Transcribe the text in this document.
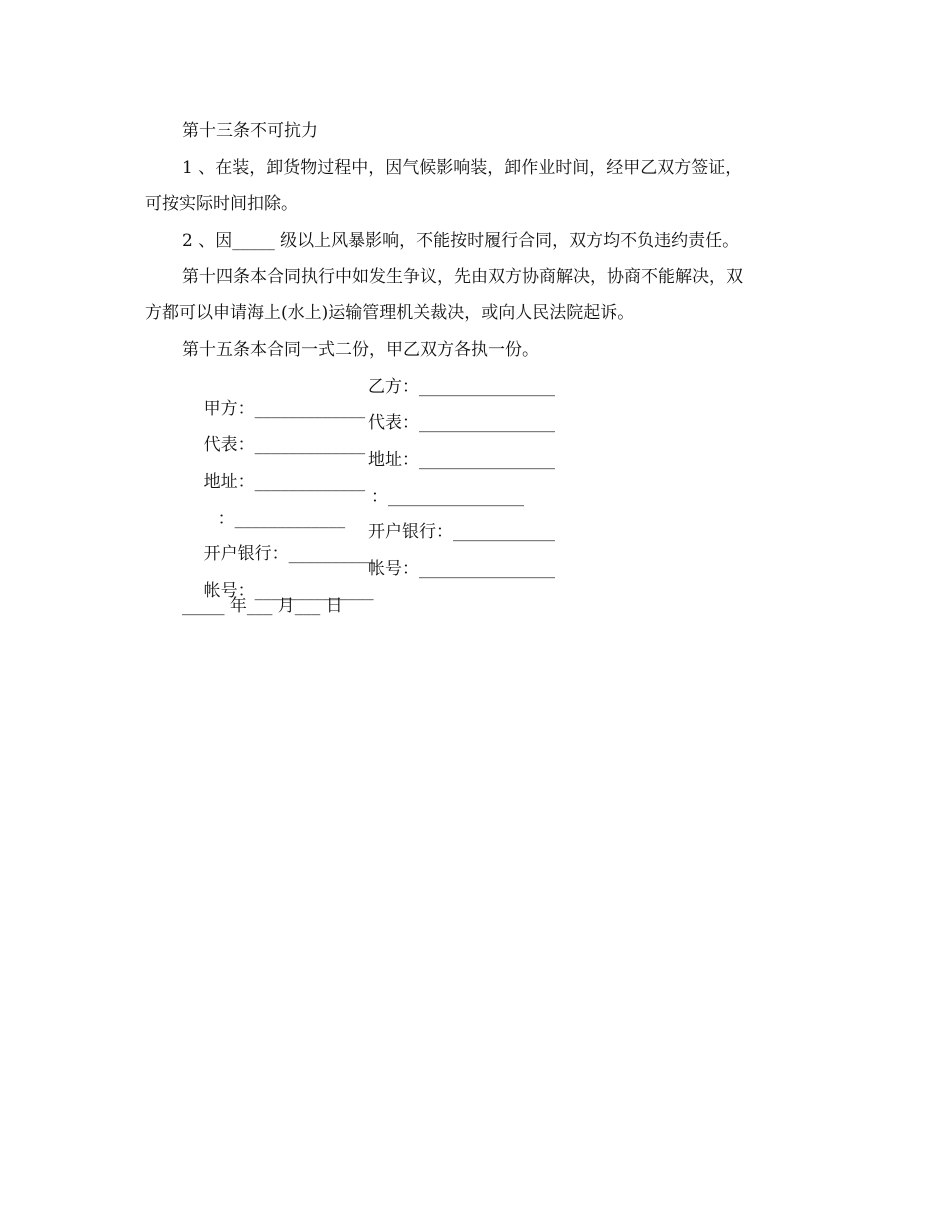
第十三条不可抗力
1 、在装，卸货物过程中，因气候影响装，卸作业时间，经甲乙双方签证，
可按实际时间扣除。
2 、因_____ 级以上风暴影响，不能按时履行合同，双方均不负违约责任。
第十四条本合同执行中如发生争议，先由双方协商解决，协商不能解决，双
方都可以申请海上(水上)运输管理机关裁决，或向人民法院起诉。
第十五条本合同一式二份，甲乙双方各执一份。

甲方：_____________

乙方：________________

代表：_____________

代表：________________

地址：_____________

地址：________________

：_____________

：________________

开户银行：__________

开户银行：____________

帐号：______________

帐号：________________

_____ 年___ 月___ 日
